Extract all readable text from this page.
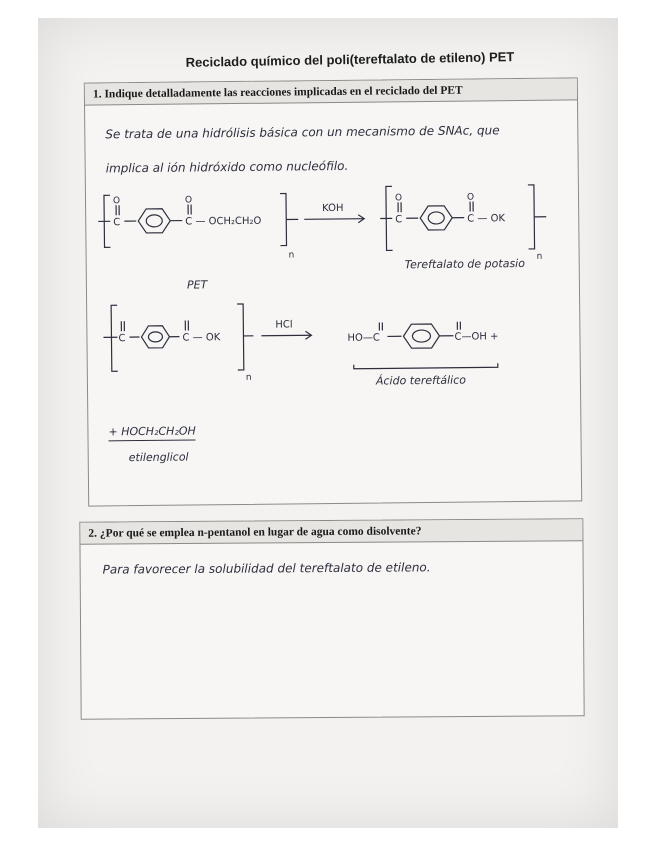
Reciclado químico del poli(tereftalato de etileno) PET
1. Indique detalladamente las reacciones implicadas en el reciclado del PET
Se trata de una hidrólisis básica con un mecanismo de SNAc, que
implica al ión hidróxido como nucleófilo.
O
C
O
C — OCH₂CH₂O
n
KOH
O
C
O
C — OK
n
PET
Tereftalato de potasio
C	C — OK
n
HCl
HO—C	C—OH +
Ácido tereftálico
+ HOCH₂CH₂OH
etilenglicol
2. ¿Por qué se emplea n-pentanol en lugar de agua como disolvente?
Para favorecer la solubilidad del tereftalato de etileno.
